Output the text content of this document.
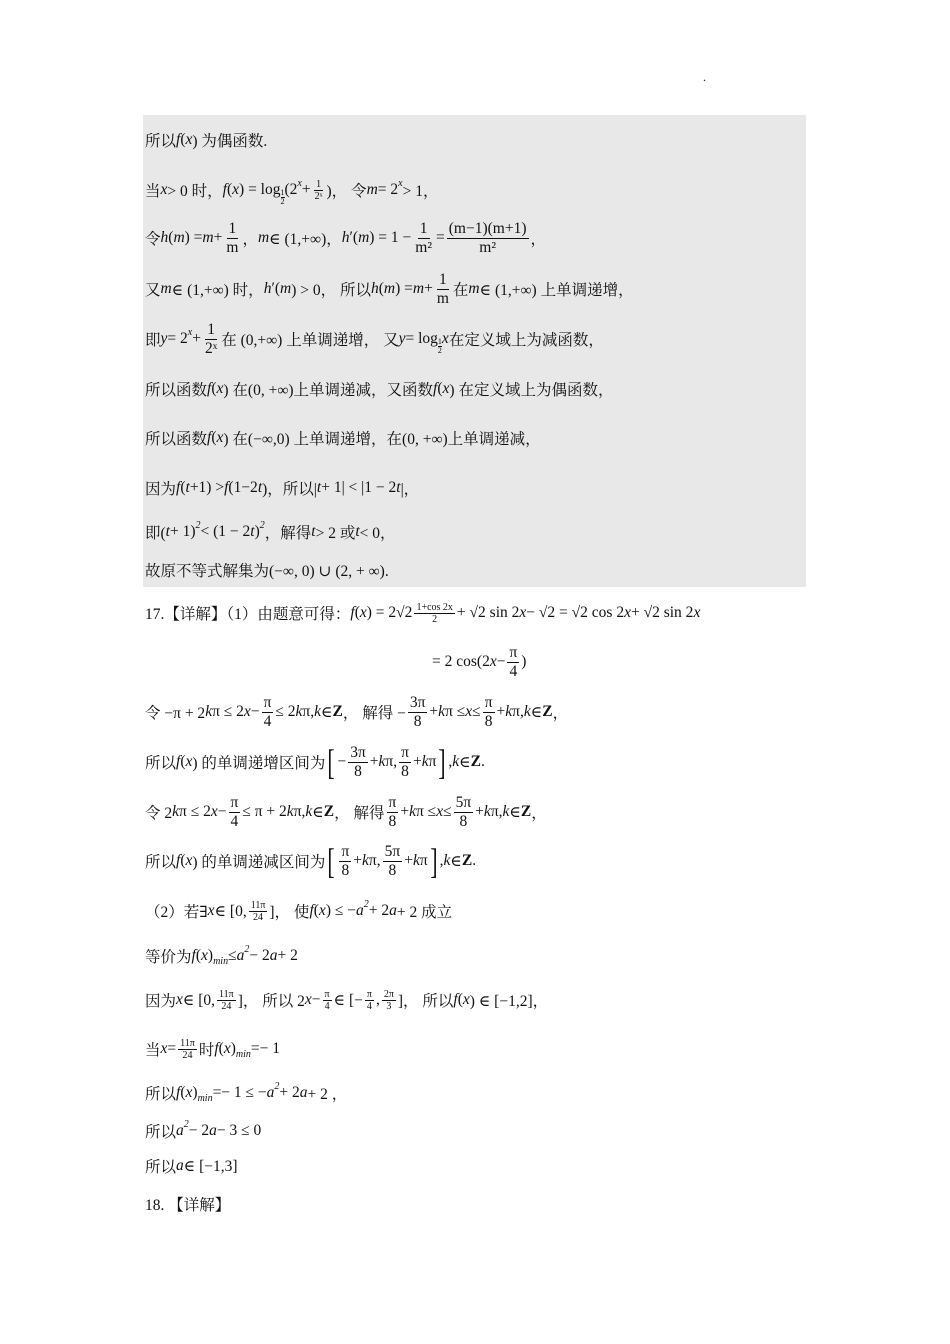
.
所以 f ( x ) 为偶函数.
当 x > 0 时， f ( x ) = $\log \frac{1}{2} (2$ $x + \frac{1}{\text{2ˣ}}$ )， 令 m = 2 x > 1，
令 h ( m ) = $m + \frac{1}{m}$ ， m ∈ (1,+∞)， h ′( m ) = $1 - \frac{1}{\text{m²}} = \frac{(m-1)(m+1)}{\text{m²}}$ ，
又 m ∈ (1,+∞) 时， h ′( m ) > 0， 所以 h ( m ) = $m + \frac{1}{m}$ 在 m ∈ (1,+∞) 上单调递增，
即 y = 2 $x + \frac{1}{\text{2ˣ}}$ 在 (0,+∞) 上单调递增， 又 $y = \log \frac{1}{2}$ x 在定义域上为减函数，
所以函数 f ( x ) 在(0, +∞)上单调递减，又函数 f ( x ) 在定义域上为偶函数，
所以函数 f ( x ) 在(−∞,0) 上单调递增，在(0, +∞)上单调递减，
因为 f ( t +1) > f (1−2 t )，所以| t + 1| < |1 − 2 t |，
即( t + 1) 2 < (1 − 2 t ) 2 ，解得 t > 2 或 t < 0，
故原不等式解集为(−∞, 0) ∪ (2, + ∞).
17.【详解】（1）由题意可得： f ( x ) = $2√2 \frac{1+\cos 2x}{2} + √2$ sin 2 x − √2 = √2 cos 2 x + √2 sin 2 x
= 2 cos(2 $x - \frac{\pi}{4}$ )
令 −π + 2 k π ≤ 2 $x - \frac{\pi}{4} \le 2$ k π, k ∈ Z ， 解得 − $\frac{3\pi}{8} + k$ $\pi \le x \le \frac{\pi}{8} + k$ π, k ∈ Z ，
所以 f ( x ) 的单调递增区间为 [ − $\frac{3\pi}{8} + k$ π, $\frac{\pi}{8} + k$ π ] , k ∈ Z .
令 2 k π ≤ 2 $x - \frac{\pi}{4} \le \pi + 2$ k π, k ∈ Z ， 解得 $\frac{\pi}{8} + k$ $\pi \le x \le \frac{5\pi}{8} + k$ π, k ∈ Z ，
所以 f ( x ) 的单调递减区间为 [ $\frac{\pi}{8} + k$ π, $\frac{5\pi}{8} + k$ π ] , k ∈ Z .
（2）若∃ x ∈ [0, $\frac{11\pi}{24}$ ]， 使 f ( x ) ≤ − a 2 + 2 a + 2 成立
等价为 f ( x ) min ≤ a 2 − 2 a + 2
因为 x ∈ [0, $\frac{11\pi}{24}$ ]， 所以 2 $x - \frac{\pi}{4}$ ∈ [− $\frac{\pi}{4}$ , $\frac{2\pi}{3}$ ]， 所以 f ( x ) ∈ [−1,2]，
当 $x = \frac{11\pi}{24}$ 时 f ( x ) min =− 1
所以 f ( x ) min =− 1 ≤ − a 2 + 2 a + 2 ，
所以 a 2 − 2 a − 3 ≤ 0
所以 a ∈ [−1,3]
18. 【详解】
